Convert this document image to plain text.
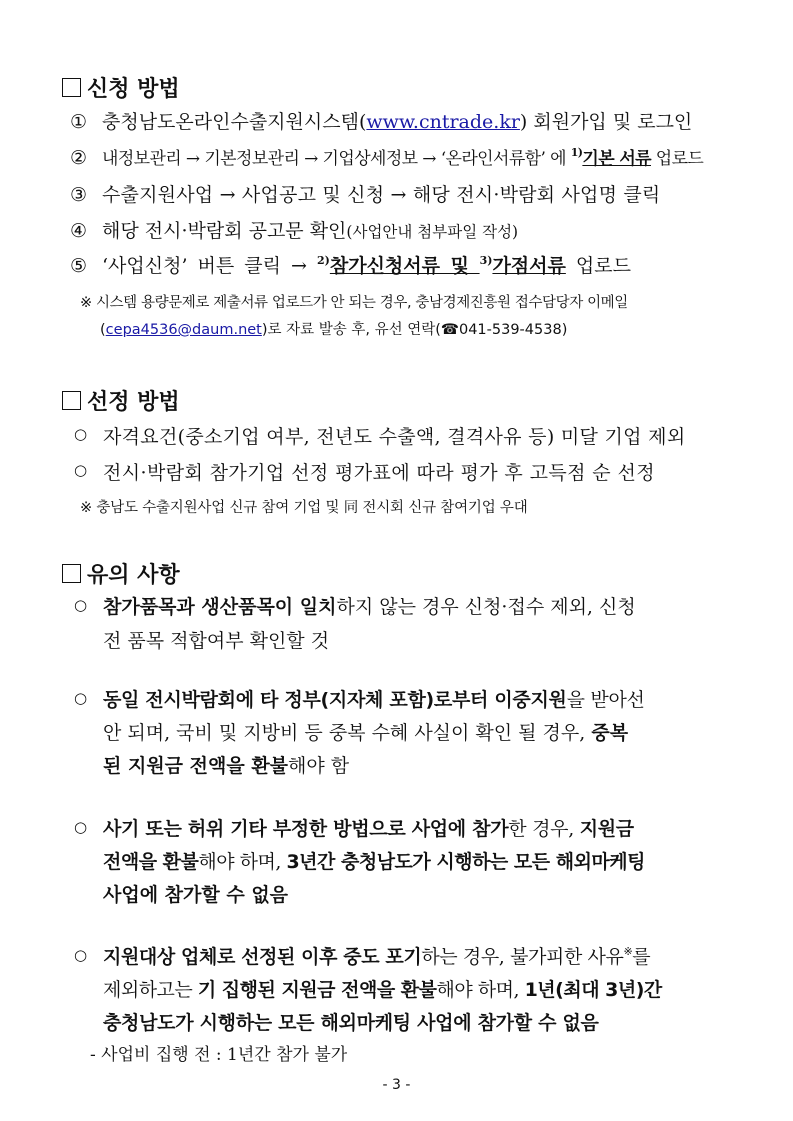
신청 방법
① 충청남도온라인수출지원시스템(www.cntrade.kr) 회원가입 및 로그인
② 내정보관리 → 기본정보관리 → 기업상세정보 → ‘온라인서류함’ 에 $^{1)}$기본 서류 업로드
③ 수출지원사업 → 사업공고 및 신청 → 해당 전시·박람회 사업명 클릭
④ 해당 전시·박람회 공고문 확인(사업안내 첨부파일 작성)
⑤ ‘사업신청’ 버튼 클릭 → $^{2)}$참가신청서류 및 $^{3)}$가점서류 업로드
※ 시스템 용량문제로 제출서류 업로드가 안 되는 경우, 충남경제진흥원 접수담당자 이메일
(cepa4536@daum.net)로 자료 발송 후, 유선 연락(☎041-539-4538)
선정 방법
○ 자격요건(중소기업 여부, 전년도 수출액, 결격사유 등) 미달 기업 제외
○ 전시·박람회 참가기업 선정 평가표에 따라 평가 후 고득점 순 선정
※ 충남도 수출지원사업 신규 참여 기업 및 同 전시회 신규 참여기업 우대
유의 사항
○ 참가품목과 생산품목이 일치하지 않는 경우 신청·접수 제외, 신청
전 품목 적합여부 확인할 것
○ 동일 전시박람회에 타 정부(지자체 포함)로부터 이중지원을 받아선
안 되며, 국비 및 지방비 등 중복 수혜 사실이 확인 될 경우, 중복
된 지원금 전액을 환불해야 함
○ 사기 또는 허위 기타 부정한 방법으로 사업에 참가한 경우, 지원금
전액을 환불해야 하며, 3년간 충청남도가 시행하는 모든 해외마케팅
사업에 참가할 수 없음
○ 지원대상 업체로 선정된 이후 중도 포기하는 경우, 불가피한 사유※를
제외하고는 기 집행된 지원금 전액을 환불해야 하며, 1년(최대 3년)간
충청남도가 시행하는 모든 해외마케팅 사업에 참가할 수 없음
- 사업비 집행 전 : 1년간 참가 불가
- 3 -
